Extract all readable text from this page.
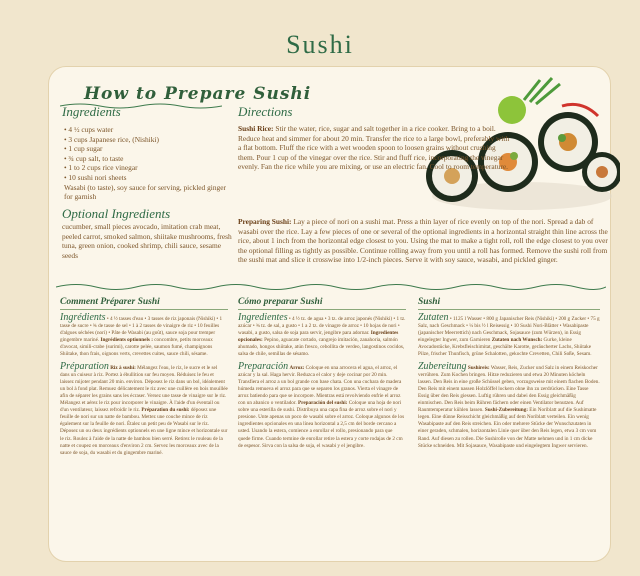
Sushi
How to Prepare Sushi
Ingredients
• 4 ½ cups water
• 3 cups Japanese rice, (Nishiki)
• 1 cup sugar
• ¾ cup salt, to taste
• 1 to 2 cups rice vinegar
• 10 sushi nori sheets
Wasabi (to taste), soy sauce for serving, pickled ginger for garnish
Optional Ingredients
cucumber, small pieces avocado, imitation crab meat, peeled carrot, smoked salmon, shiitake mushrooms, fresh tuna, green onion, cooked shrimp, chili sauce, sesame seeds
Directions
Sushi Rice: Stir the water, rice, sugar and salt together in a rice cooker. Bring to a boil. Reduce heat and simmer for about 20 min. Transfer the rice to a large bowl, preferably with a flat bottom. Fluff the rice with a wet wooden spoon to loosen grains without crushing them. Pour 1 cup of the vinegar over the rice. Stir and fluff rice, incorporating the vinegar evenly. Fan the rice while you are mixing, or use an electric fan. Cool to room temperature.
Preparing Sushi: Lay a piece of nori on a sushi mat. Press a thin layer of rice evenly on top of the nori. Spread a dab of wasabi over the rice. Lay a few pieces of one or several of the optional ingredients in a horizontal straight thin line across the rice, about 1 inch from the horizontal edge closest to you. Using the mat to make a tight roll, roll the edge closest to you over the optional filling as tightly as possible. Continue rolling away from you until a roll has formed. Remove the sushi roll from the sushi mat and slice it crosswise into 1/2-inch pieces. Serve it with soy sauce, wasabi, and pickled ginger.
Comment Préparer Sushi
Ingrédients • 4 ½ tasses d'eau • 3 tasses de riz japonais (Nishiki) • 1 tasse de sucre • ¾ de tasse de sel • 1 à 2 tasses de vinaigre de riz • 10 feuilles d'algues séchées (nori) • Pâte de Wasabi (au goût), sauce soja pour tremper gingembre mariné. Ingrédients optionnels : concombre, petits morceaux d'avocat, simili-crabe (surimi), carotte pelée, saumon fumé, champignons Shiitake, thon frais, oignons verts, crevettes cuites, sauce chili, sésame.
Préparation Riz à sushi: Mélangez l'eau, le riz, le sucre et le sel dans un cuiseur à riz. Portez à ébullition sur feu moyen. Réduisez le feu et laissez mijoter pendant 20 min. environ. Déposez le riz dans un bol, idéalement un bol à fond plat. Remuez délicatement le riz avec une cuillère en bois mouillée afin de séparer les grains sans les écraser. Versez une tasse de vinaigre sur le riz. Mélangez et aérez le riz pour incorporer le vinaigre. À l'aide d'un éventail ou d'un ventilateur, laissez refroidir le riz. Préparation du sushi: déposez une feuille de nori sur un natte de bambou. Mettez une couche mince de riz également sur la feuille de nori. Étalez un petit peu de Wasabi sur le riz. Déposez un ou deux ingrédients optionnels en une ligne mince et horizontale sur le riz. Roulez à l'aide de la natte de bambou bien serré. Retirez le rouleau de la natte et coupez en morceaux d'environ 2 cm. Servez les morceaux avec de la sauce de soja, du wasabi et du gingembre mariné.
Cómo preparar Sushi
Ingredientes • 4 ½ tz. de agua • 3 tz. de arroz japonés (Nishiki) • 1 tz. azúcar • ¾ tz. de sal, a gusto • 1 a 2 tz. de vinagre de arroz • 10 hojas de nori • wasabi, a gusto, salsa de soja para servir, jengibre para adornar. Ingredientes opcionales: Pepino, aguacate cortado, cangrejo imitación, zanahoria, salmón ahumado, hongos shiitake, atún fresco, cebollita de verdeo, langostinos cocidos, salsa de chile, semillas de sésamo.
Preparación Arroz: Coloque en una arrocera el agua, el arroz, el azúcar y la sal. Haga hervir. Reduzca el calor y deje cocinar por 20 min. Transfiera el arroz a un bol grande con base chata. Con una cuchara de madera húmeda remueva el arroz para que se separen los granos. Vierta el vinagre de arroz batiendo para que se incorpore. Mientras está revolviendo enfríe el arroz con un abanico o ventilador. Preparación del sushi: Coloque una hoja de nori sobre una esterilla de sushi. Distribuya una capa fina de arroz sobre el nori y presione. Unte apenas un poco de wasabi sobre el arroz. Coloque algunos de los ingredientes opcionales en una línea horizontal a 2,5 cm del borde cercano a usted. Usando la estera, comience a enrollar el rollo, presionando para que quede firme. Cuando termine de enrollar retire la estera y corte rodajas de 2 cm de espesor. Sirva con la salsa de soja, el wasabi y el jengibre.
Sushi
Zutaten • 1125 l Wasser • 800 g Japanischer Reis (Nishiki) • 200 g Zucker • 75 g Salz, nach Geschmack • ¼ bis ½ l Reisessig • 10 Sushi Nori-Blätter • Wasabipaste (japanischer Meerrettich) nach Geschmack, Sojasauce (zum Würzen), in Essig eingelegter Ingwer, zum Garnieren Zutaten nach Wunsch: Gurke, kleine Avocadostücke, Krebsfleischimitat, geschälte Karotte, geräucherter Lachs, Shiitake Pilze, frischer Thunfisch, grüne Schalotten, gekochte Crevetten, Chili Soße, Sesam.
Zubereitung Sushireis: Wasser, Reis, Zucker und Salz in einem Reiskocher verrühren. Zum Kochen bringen. Hitze reduzieren und etwa 20 Minuten köcheln lassen. Den Reis in eine große Schüssel geben, vorzugsweise mit einem flachen Boden. Den Reis mit einem nassen Holzlöffel lockern ohne ihn zu zerdrücken. Eine Tasse Essig über den Reis giessen. Luftig rühren und dabei den Essig gleichmäßig einmischen. Den Reis beim Rühren fächern oder einen Ventilator benutzen. Auf Raumtemperatur kühlen lassen. Sushi-Zubereitung: Ein Noriblatt auf die Sushimatte legen. Eine dünne Reisschicht gleichmäßig auf dem Noriblatt verteilen. Ein wenig Wasabipaste auf den Reis streichen. Ein oder mehrere Stücke der Wunschzutaten in einer geraden, schmalen, horizontalen Linie quer über den Reis legen, etwa 3 cm vom Rand. Auf diesen zu rollen. Die Sushirolle von der Matte nehmen und in 1 cm dicke Stücke schneiden. Mit Sojasauce, Wasabipaste und eingelegtem Ingwer servieren.
